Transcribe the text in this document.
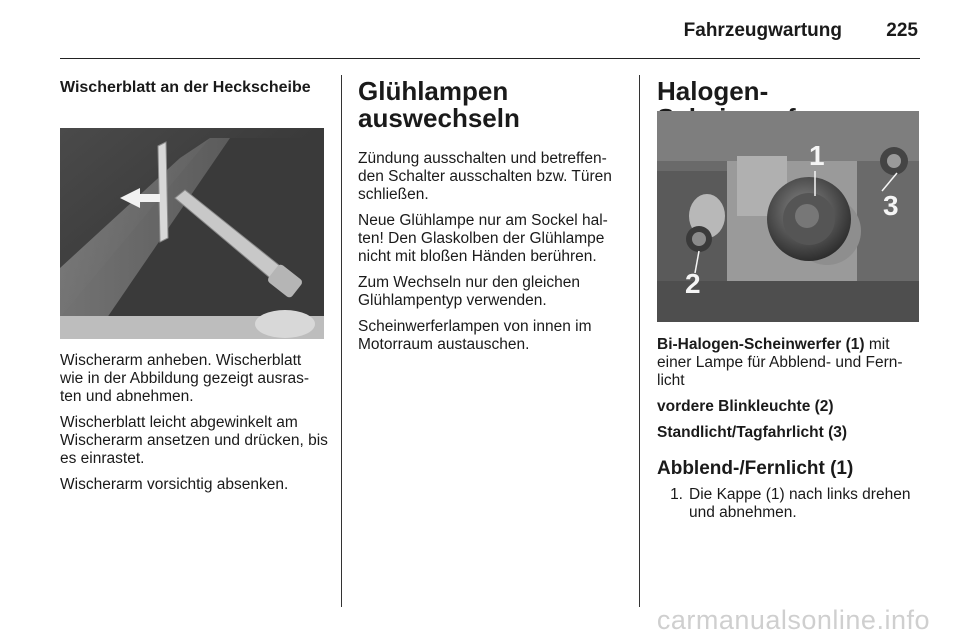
Fahrzeugwartung 225
Wischerblatt an der Heckscheibe

Wischerarm anheben. Wischerblatt wie in der Abbildung gezeigt ausras-ten und abnehmen.

Wischerblatt leicht abgewinkelt am Wischerarm ansetzen und drücken, bis es einrastet.

Wischerarm vorsichtig absenken.

Glühlampen auswechseln

Zündung ausschalten und betreffen-den Schalter ausschalten bzw. Türen schließen.

Neue Glühlampe nur am Sockel hal-ten! Den Glaskolben der Glühlampe nicht mit bloßen Händen berühren.

Zum Wechseln nur den gleichen Glühlampentyp verwenden.

Scheinwerferlampen von innen im Motorraum austauschen.

Halogen-
1
2
3

Bi-Halogen-Scheinwerfer (1) mit einer Lampe für Abblend- und Fern-licht

vordere Blinkleuchte (2)

Standlicht/Tagfahrlicht (3)

Abblend-/Fernlicht (1)
1. Die Kappe (1) nach links drehen und abnehmen.
carmanualsonline.info
